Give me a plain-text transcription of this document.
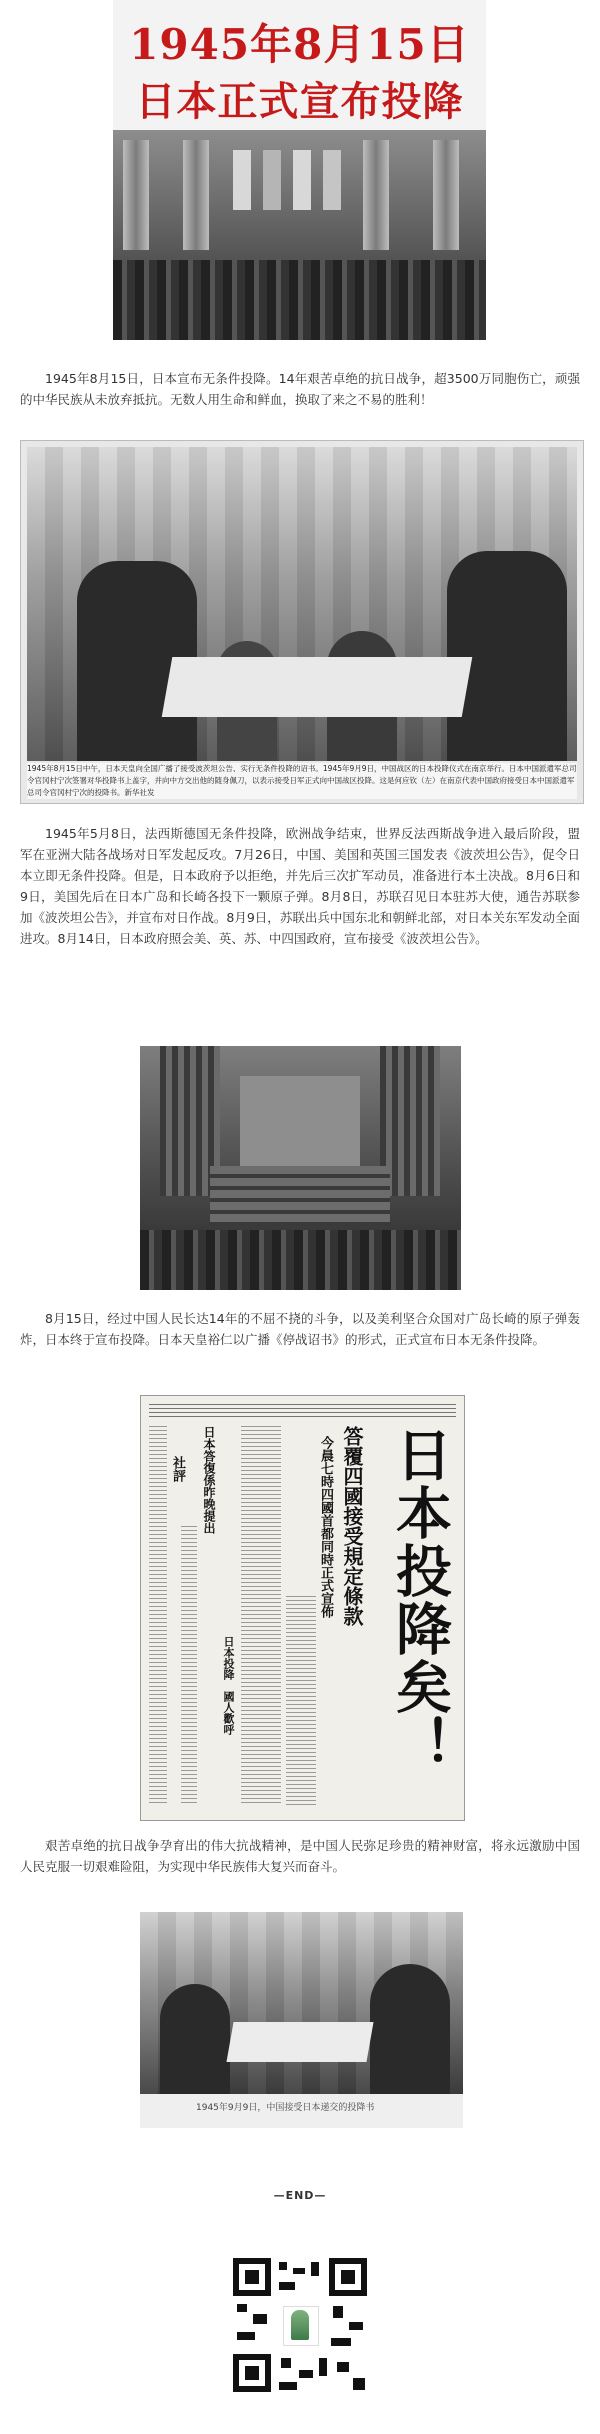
1945年8月15日
日本正式宣布投降

1945年8月15日，日本宣布无条件投降。14年艰苦卓绝的抗日战争，超3500万同胞伤亡，顽强的中华民族从未放弃抵抗。无数人用生命和鲜血，换取了来之不易的胜利！

1945年8月15日中午，日本天皇向全国广播了接受波茨坦公告、实行无条件投降的诏书。1945年9月9日，中国战区的日本投降仪式在南京举行。日本中国派遣军总司令官冈村宁次签署对华投降书上盖字，并向中方交出他的随身佩刀，以表示接受日军正式向中国战区投降。这是何应钦（左）在南京代表中国政府接受日本中国派遣军总司令官冈村宁次的投降书。新华社发

1945年5月8日，法西斯德国无条件投降，欧洲战争结束，世界反法西斯战争进入最后阶段，盟军在亚洲大陆各战场对日军发起反攻。7月26日，中国、美国和英国三国发表《波茨坦公告》，促令日本立即无条件投降。但是，日本政府予以拒绝，并先后三次扩军动员，准备进行本土决战。8月6日和9日，美国先后在日本广岛和长崎各投下一颗原子弹。8月8日，苏联召见日本驻苏大使，通告苏联参加《波茨坦公告》，并宣布对日作战。8月9日，苏联出兵中国东北和朝鲜北部，对日本关东军发动全面进攻。8月14日，日本政府照会美、英、苏、中四国政府，宣布接受《波茨坦公告》。

8月15日，经过中国人民长达14年的不屈不挠的斗争，以及美利坚合众国对广岛长崎的原子弹轰炸，日本终于宣布投降。日本天皇裕仁以广播《停战诏书》的形式，正式宣布日本无条件投降。

日本投降矣！
答覆四國接受規定條款
今晨七時四國首都同時正式宣佈
日本答復係昨晚提出
日本投降　國人歡呼
社評

艰苦卓绝的抗日战争孕育出的伟大抗战精神，是中国人民弥足珍贵的精神财富，将永远激励中国人民克服一切艰难险阻，为实现中华民族伟大复兴而奋斗。

1945年9月9日，中国接受日本递交的投降书
—END—
